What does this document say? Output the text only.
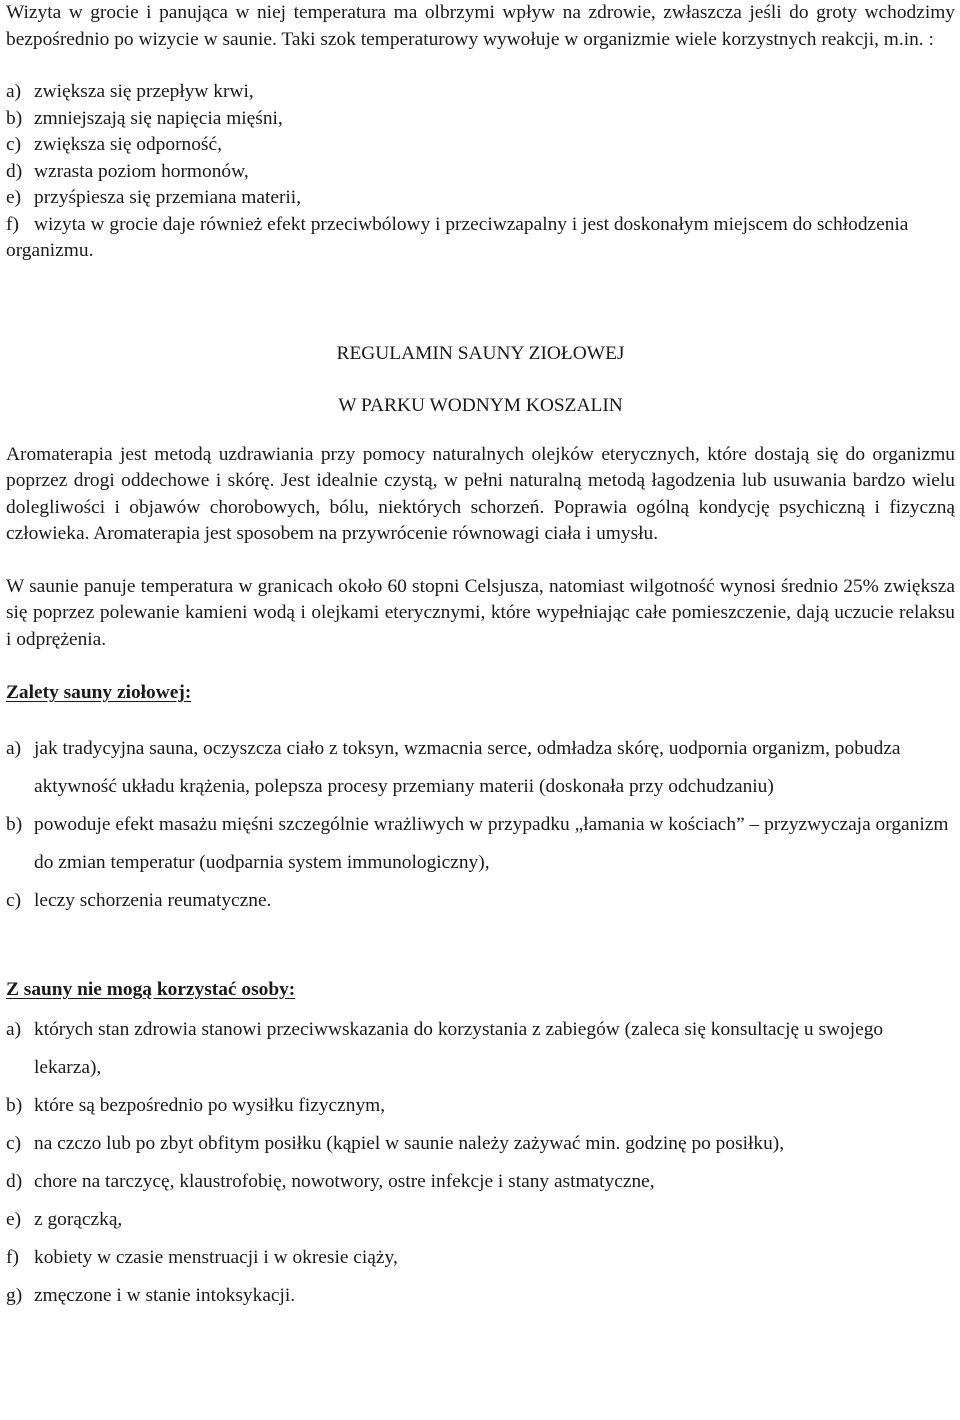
Wizyta w grocie i panująca w niej temperatura ma olbrzymi wpływ na zdrowie, zwłaszcza jeśli do groty wchodzimy bezpośrednio po wizycie w saunie. Taki szok temperaturowy wywołuje w organizmie wiele korzystnych reakcji, m.in. :

a) zwiększa się przepływ krwi,
b) zmniejszają się napięcia mięśni,
c) zwiększa się odporność,
d) wzrasta poziom hormonów,
e) przyśpiesza się przemiana materii,
f) wizyta w grocie daje również efekt przeciwbólowy i przeciwzapalny i jest doskonałym miejscem do schłodzenia organizmu.
REGULAMIN SAUNY ZIOŁOWEJ
W PARKU WODNYM KOSZALIN

Aromaterapia jest metodą uzdrawiania przy pomocy naturalnych olejków eterycznych, które dostają się do organizmu poprzez drogi oddechowe i skórę. Jest idealnie czystą, w pełni naturalną metodą łagodzenia lub usuwania bardzo wielu dolegliwości i objawów chorobowych, bólu, niektórych schorzeń. Poprawia ogólną kondycję psychiczną i fizyczną człowieka. Aromaterapia jest sposobem na przywrócenie równowagi ciała i umysłu.

W saunie panuje temperatura w granicach około 60 stopni Celsjusza, natomiast wilgotność wynosi średnio 25% zwiększa się poprzez polewanie kamieni wodą i olejkami eterycznymi, które wypełniając całe pomieszczenie, dają uczucie relaksu i odprężenia.

Zalety sauny ziołowej:
a) jak tradycyjna sauna, oczyszcza ciało z toksyn, wzmacnia serce, odmładza skórę, uodpornia organizm, pobudza aktywność układu krążenia, polepsza procesy przemiany materii (doskonała przy odchudzaniu)
b) powoduje efekt masażu mięśni szczególnie wrażliwych w przypadku „łamania w kościach” – przyzwyczaja organizm do zmian temperatur (uodparnia system immunologiczny),
c) leczy schorzenia reumatyczne.
Z sauny nie mogą korzystać osoby:
a) których stan zdrowia stanowi przeciwwskazania do korzystania z zabiegów (zaleca się konsultację u swojego lekarza),
b) które są bezpośrednio po wysiłku fizycznym,
c) na czczo lub po zbyt obfitym posiłku (kąpiel w saunie należy zażywać min. godzinę po posiłku),
d) chore na tarczycę, klaustrofobię, nowotwory, ostre infekcje i stany astmatyczne,
e) z gorączką,
f) kobiety w czasie menstruacji i w okresie ciąży,
g) zmęczone i w stanie intoksykacji.
